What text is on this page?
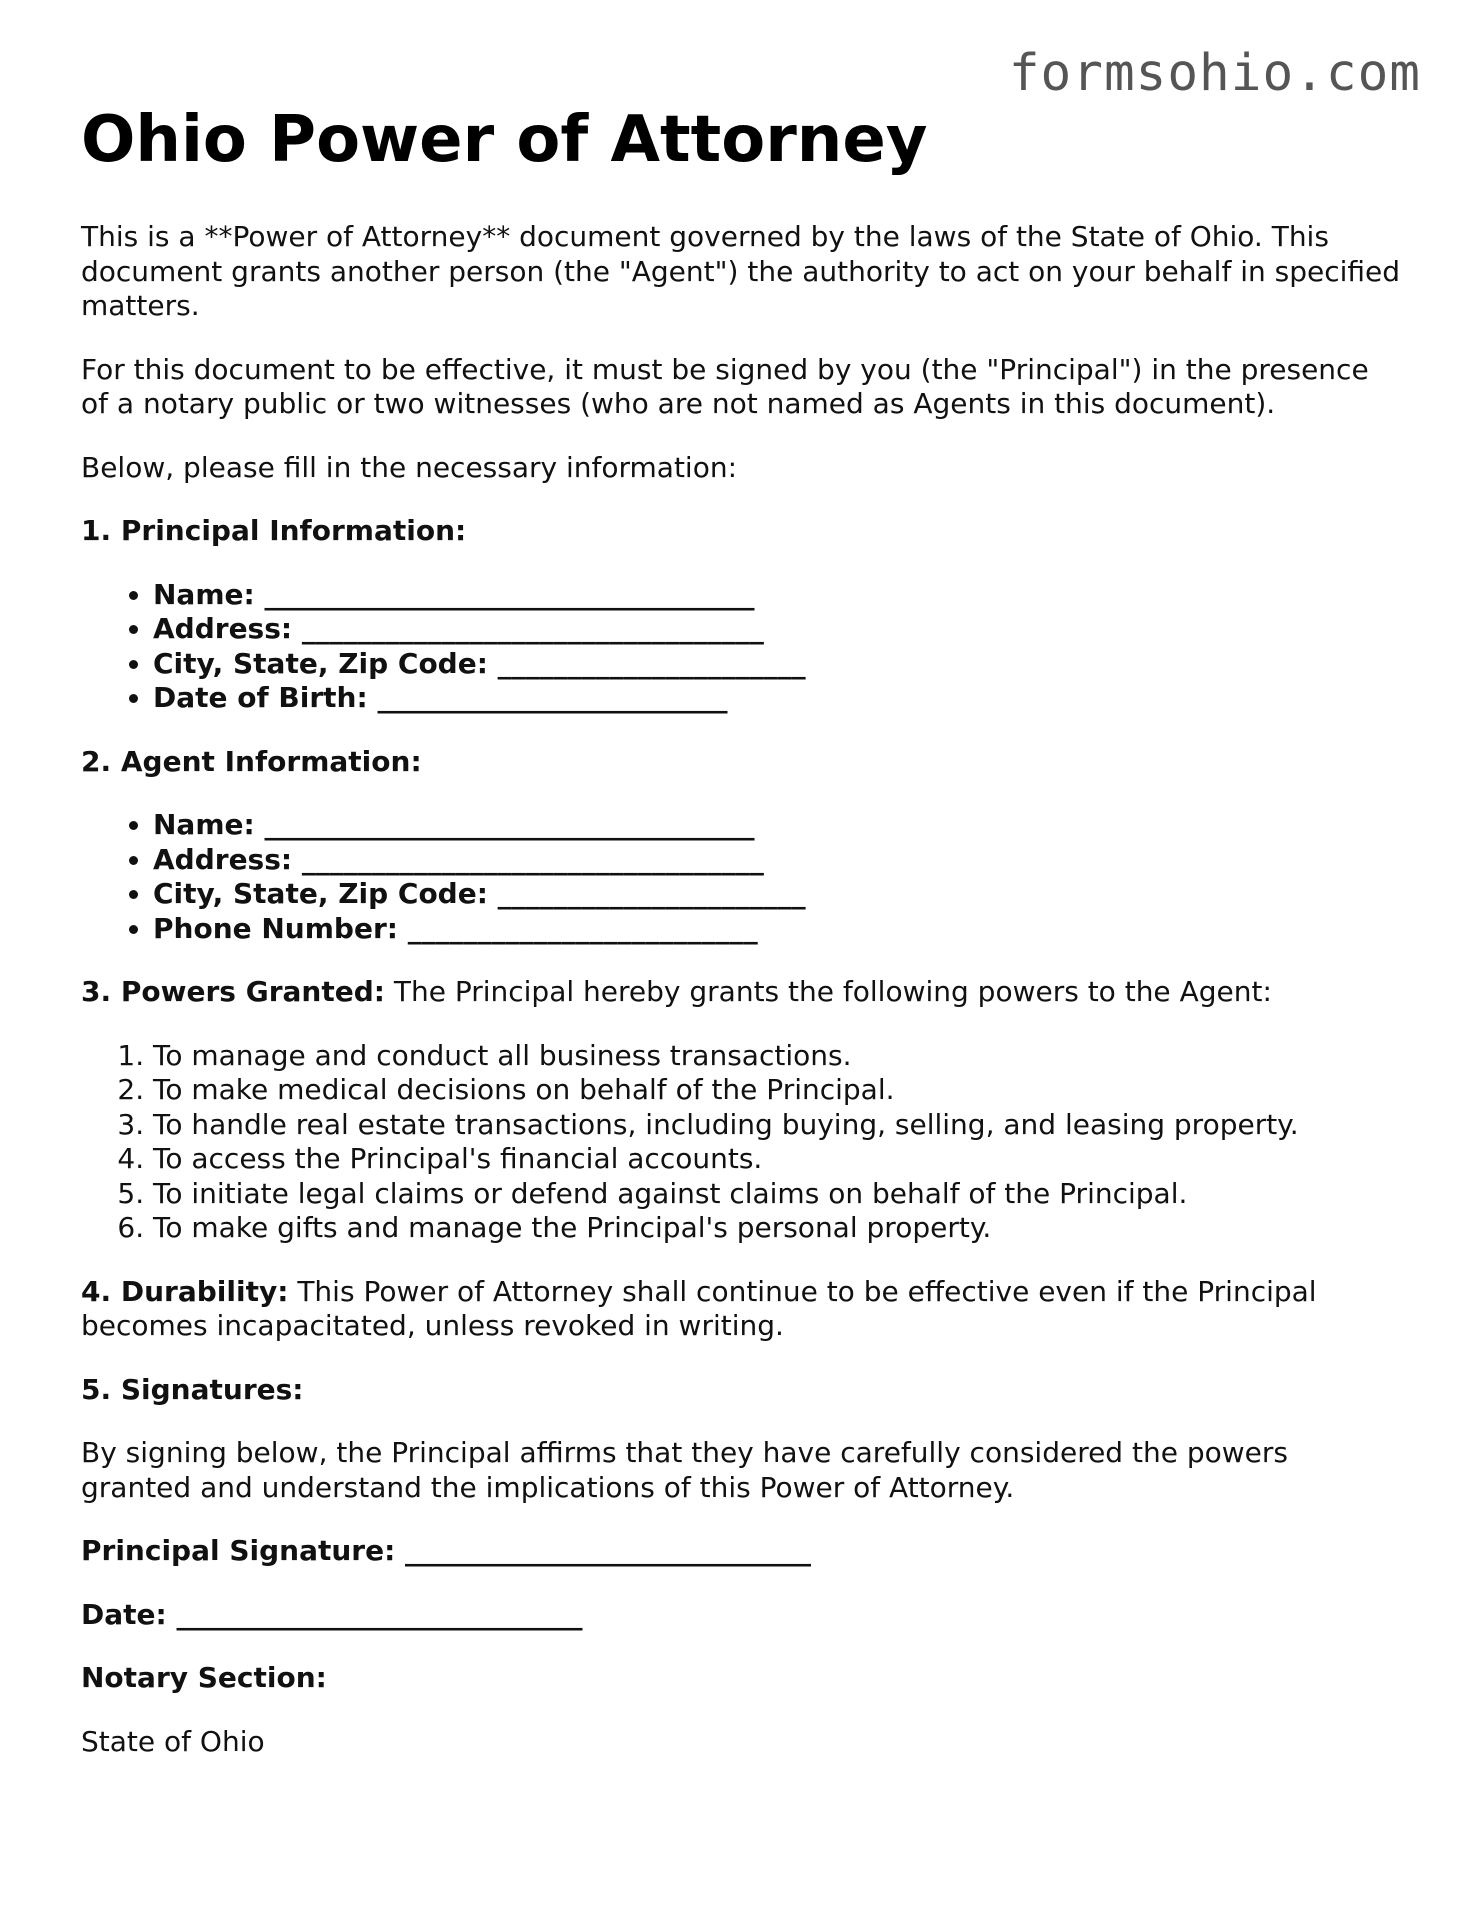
formsohio.com
Ohio Power of Attorney

This is a **Power of Attorney** document governed by the laws of the State of Ohio. This document grants another person (the "Agent") the authority to act on your behalf in specified matters.

For this document to be effective, it must be signed by you (the "Principal") in the presence of a notary public or two witnesses (who are not named as Agents in this document).

Below, please fill in the necessary information:

1. Principal Information:

• Name: ___________________________________
• Address: _________________________________
• City, State, Zip Code: ______________________
• Date of Birth: _________________________

2. Agent Information:

• Name: ___________________________________
• Address: _________________________________
• City, State, Zip Code: ______________________
• Phone Number: _________________________

3. Powers Granted: The Principal hereby grants the following powers to the Agent:

1. To manage and conduct all business transactions.
2. To make medical decisions on behalf of the Principal.
3. To handle real estate transactions, including buying, selling, and leasing property.
4. To access the Principal's financial accounts.
5. To initiate legal claims or defend against claims on behalf of the Principal.
6. To make gifts and manage the Principal's personal property.

4. Durability: This Power of Attorney shall continue to be effective even if the Principal becomes incapacitated, unless revoked in writing.

5. Signatures:

By signing below, the Principal affirms that they have carefully considered the powers granted and understand the implications of this Power of Attorney.

Principal Signature: _____________________________

Date: _____________________________

Notary Section:

State of Ohio
